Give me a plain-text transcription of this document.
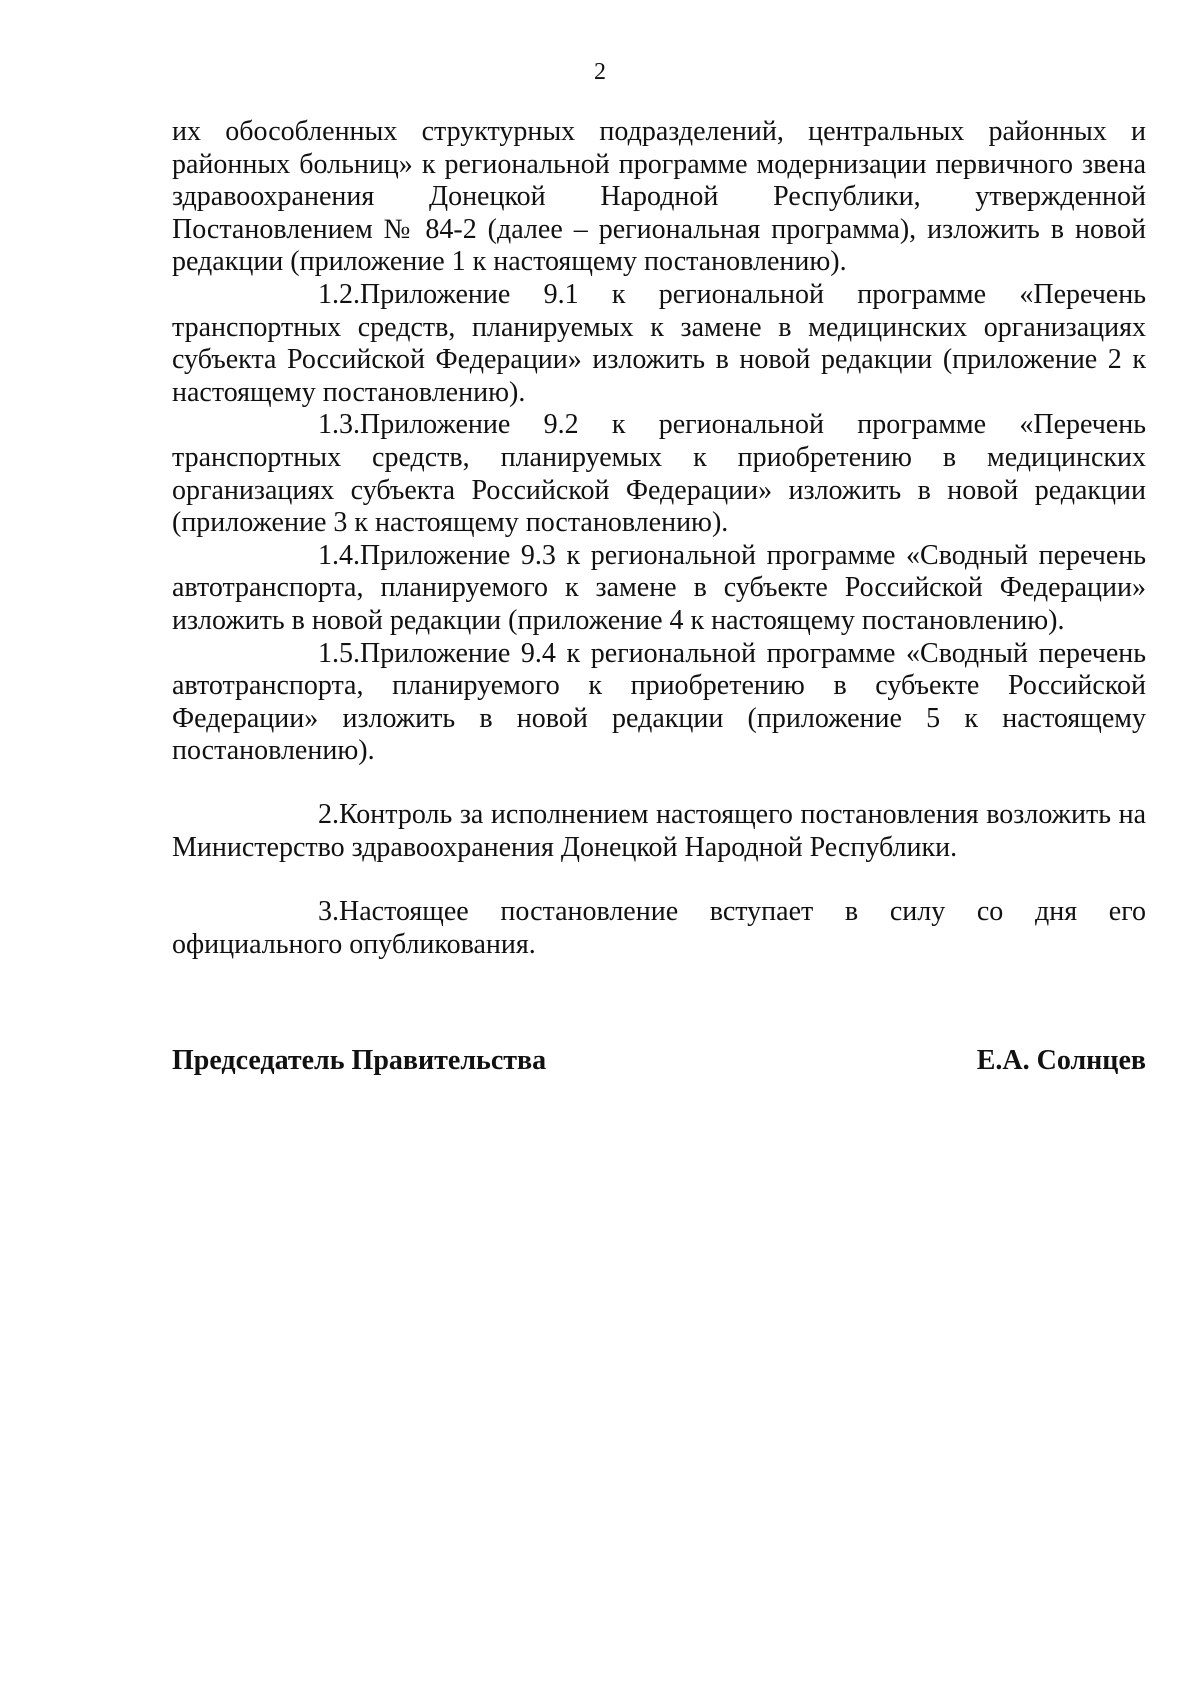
2

их обособленных структурных подразделений, центральных районных и районных больниц» к региональной программе модернизации первичного звена здравоохранения Донецкой Народной Республики, утвержденной Постановлением № 84-2 (далее – региональная программа), изложить в новой редакции (приложение 1 к настоящему постановлению).

1.2.Приложение 9.1 к региональной программе «Перечень транспортных средств, планируемых к замене в медицинских организациях субъекта Российской Федерации» изложить в новой редакции (приложение 2 к настоящему постановлению).

1.3.Приложение 9.2 к региональной программе «Перечень транспортных средств, планируемых к приобретению в медицинских организациях субъекта Российской Федерации» изложить в новой редакции (приложение 3 к настоящему постановлению).

1.4.Приложение 9.3 к региональной программе «Сводный перечень автотранспорта, планируемого к замене в субъекте Российской Федерации» изложить в новой редакции (приложение 4 к настоящему постановлению).

1.5.Приложение 9.4 к региональной программе «Сводный перечень автотранспорта, планируемого к приобретению в субъекте Российской Федерации» изложить в новой редакции (приложение 5 к настоящему постановлению).

2.Контроль за исполнением настоящего постановления возложить на Министерство здравоохранения Донецкой Народной Республики.

3.Настоящее постановление вступает в силу со дня его официального опубликования.

Председатель Правительства	Е.А. Солнцев
